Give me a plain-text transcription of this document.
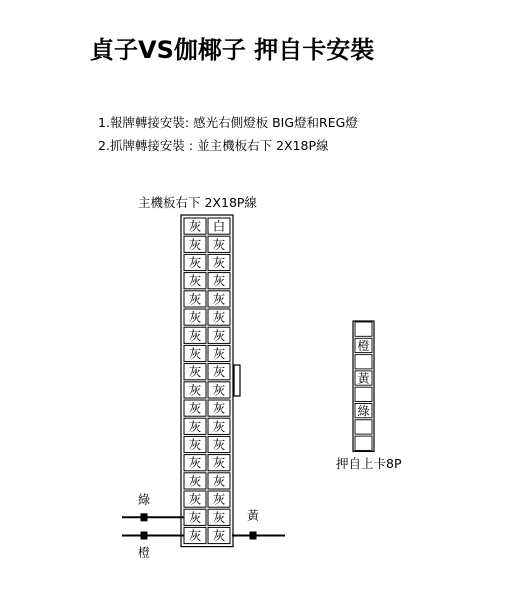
貞子VS伽椰子 押自卡安裝
1.報牌轉接安裝: 感光右側燈板 BIG燈和REG燈
2.抓牌轉接安裝 : 並主機板右下 2X18P線
主機板右下 2X18P線
灰 白
灰 灰
灰 灰
灰 灰
灰 灰
灰 灰
灰 灰
灰 灰
灰 灰
灰 灰
灰 灰
灰 灰
灰 灰
灰 灰
灰 灰
灰 灰
灰 灰
灰 灰
橙
黃
綠
押自上卡8P
綠
橙
黃
